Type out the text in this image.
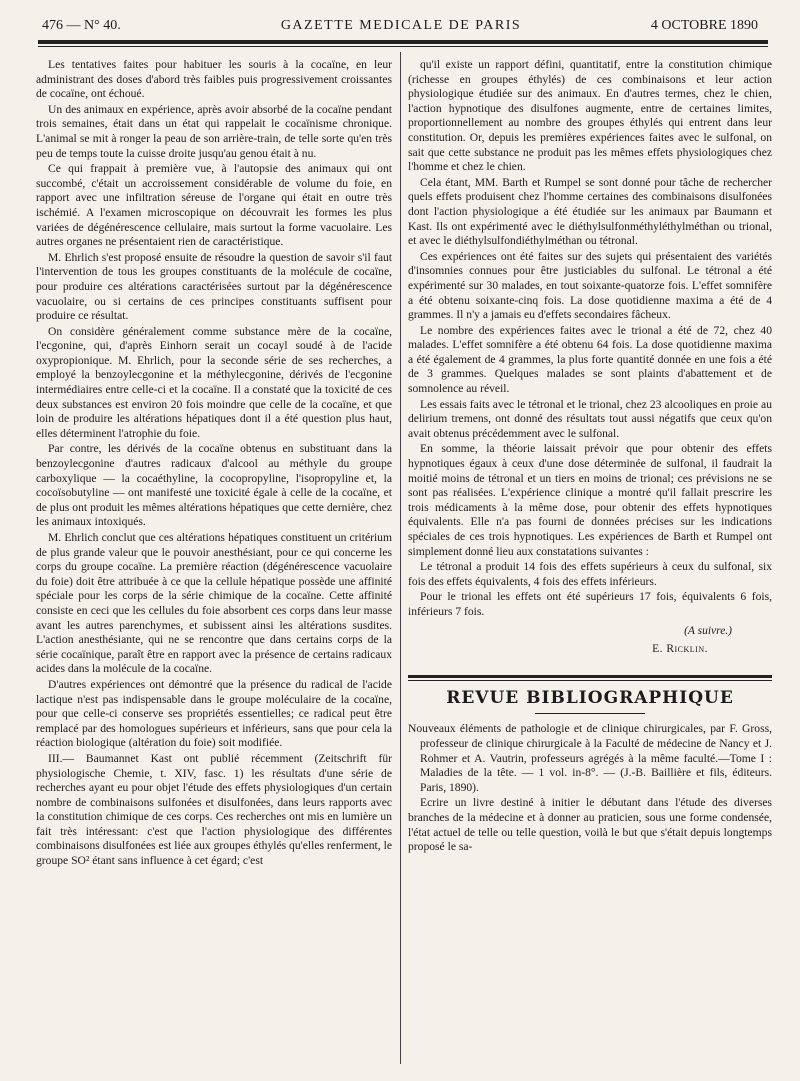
476 — N° 40.	GAZETTE MEDICALE DE PARIS	4 OCTOBRE 1890

Les tentatives faites pour habituer les souris à la cocaïne, en leur administrant des doses d'abord très faibles puis progressivement croissantes de cocaïne, ont échoué.

Un des animaux en expérience, après avoir absorbé de la cocaïne pendant trois semaines, était dans un état qui rappelait le cocaïnisme chronique. L'animal se mit à ronger la peau de son arrière-train, de telle sorte qu'en très peu de temps toute la cuisse droite jusqu'au genou était à nu.

Ce qui frappait à première vue, à l'autopsie des animaux qui ont succombé, c'était un accroissement considérable de volume du foie, en rapport avec une infiltration séreuse de l'organe qui était en outre très ischémié. A l'examen microscopique on découvrait les formes les plus variées de dégénérescence cellulaire, mais surtout la forme vacuolaire. Les autres organes ne présentaient rien de caractéristique.

M. Ehrlich s'est proposé ensuite de résoudre la question de savoir s'il faut l'intervention de tous les groupes constituants de la molécule de cocaïne, pour produire ces altérations caractérisées surtout par la dégénérescence vacuolaire, ou si certains de ces principes constituants suffisent pour produire ce résultat.

On considère généralement comme substance mère de la cocaïne, l'ecgonine, qui, d'après Einhorn serait un cocayl soudé à de l'acide oxypropionique. M. Ehrlich, pour la seconde série de ses recherches, a employé la benzoylecgonine et la méthylecgonine, dérivés de l'ecgonine intermédiaires entre celle-ci et la cocaïne. Il a constaté que la toxicité de ces deux substances est environ 20 fois moindre que celle de la cocaïne, et que loin de produire les altérations hépatiques dont il a été question plus haut, elles déterminent l'atrophie du foie.

Par contre, les dérivés de la cocaïne obtenus en substituant dans la benzoylecgonine d'autres radicaux d'alcool au méthyle du groupe carboxylique — la cocaéthyline, la cocopropyline, l'isopropyline et, la cocoïsobutyline — ont manifesté une toxicité égale à celle de la cocaïne, et de plus ont produit les mêmes altérations hépatiques que cette dernière, chez les animaux intoxiqués.

M. Ehrlich conclut que ces altérations hépatiques constituent un critérium de plus grande valeur que le pouvoir anesthésiant, pour ce qui concerne les corps du groupe cocaïne. La première réaction (dégénérescence vacuolaire du foie) doit être attribuée à ce que la cellule hépatique possède une affinité spéciale pour les corps de la série chimique de la cocaïne. Cette affinité consiste en ceci que les cellules du foie absorbent ces corps dans leur masse avant les autres parenchymes, et subissent ainsi les altérations susdites. L'action anesthésiante, qui ne se rencontre que dans certains corps de la série cocaïnique, paraît être en rapport avec la présence de certains radicaux acides dans la molécule de la cocaïne.

D'autres expériences ont démontré que la présence du radical de l'acide lactique n'est pas indispensable dans le groupe moléculaire de la cocaïne, pour que celle-ci conserve ses propriétés essentielles; ce radical peut être remplacé par des homologues supérieurs et inférieurs, sans que pour cela la réaction biologique (altération du foie) soit modifiée.

III.— Baumannet Kast ont publié récemment (Zeitschrift für physiologische Chemie, t. XIV, fasc. 1) les résultats d'une série de recherches ayant eu pour objet l'étude des effets physiologiques d'un certain nombre de combinaisons sulfonées et disulfonées, dans leurs rapports avec la constitution chimique de ces corps. Ces recherches ont mis en lumière un fait très intéressant: c'est que l'action physiologique des différentes combinaisons disulfonées est liée aux groupes éthylés qu'elles renferment, le groupe SO² étant sans influence à cet égard; c'est

qu'il existe un rapport défini, quantitatif, entre la constitution chimique (richesse en groupes éthylés) de ces combinaisons et leur action physiologique étudiée sur des animaux. En d'autres termes, chez le chien, l'action hypnotique des disulfones augmente, entre de certaines limites, proportionnellement au nombre des groupes éthylés qui entrent dans leur constitution. Or, depuis les premières expériences faites avec le sulfonal, on sait que cette substance ne produit pas les mêmes effets physiologiques chez l'homme et chez le chien.

Cela étant, MM. Barth et Rumpel se sont donné pour tâche de rechercher quels effets produisent chez l'homme certaines des combinaisons disulfonées dont l'action physiologique a été étudiée sur les animaux par Baumann et Kast. Ils ont expérimenté avec le diéthylsulfonméthyléthylméthan ou trional, et avec le diéthylsulfondiéthylméthan ou tétronal.

Ces expériences ont été faites sur des sujets qui présentaient des variétés d'insomnies connues pour être justiciables du sulfonal. Le tétronal a été expérimenté sur 30 malades, en tout soixante-quatorze fois. L'effet somnifère a été obtenu soixante-cinq fois. La dose quotidienne maxima a été de 4 grammes. Il n'y a jamais eu d'effets secondaires fâcheux.

Le nombre des expériences faites avec le trional a été de 72, chez 40 malades. L'effet somnifère a été obtenu 64 fois. La dose quotidienne maxima a été également de 4 grammes, la plus forte quantité donnée en une fois a été de 3 grammes. Quelques malades se sont plaints d'abattement et de somnolence au réveil.

Les essais faits avec le tétronal et le trional, chez 23 alcooliques en proie au delirium tremens, ont donné des résultats tout aussi négatifs que ceux qu'on avait obtenus précédemment avec le sulfonal.

En somme, la théorie laissait prévoir que pour obtenir des effets hypnotiques égaux à ceux d'une dose déterminée de sulfonal, il faudrait la moitié moins de tétronal et un tiers en moins de trional; ces prévisions ne se sont pas réalisées. L'expérience clinique a montré qu'il fallait prescrire les trois médicaments à la même dose, pour obtenir des effets hypnotiques équivalents. Elle n'a pas fourni de données précises sur les indications spéciales de ces trois hypnotiques. Les expériences de Barth et Rumpel ont simplement donné lieu aux constatations suivantes :

Le tétronal a produit 14 fois des effets supérieurs à ceux du sulfonal, six fois des effets équivalents, 4 fois des effets inférieurs.

Pour le trional les effets ont été supérieurs 17 fois, équivalents 6 fois, inférieurs 7 fois.

(A suivre.)
E. Ricklin.
REVUE BIBLIOGRAPHIQUE

Nouveaux éléments de pathologie et de clinique chirurgicales, par F. Gross, professeur de clinique chirurgicale à la Faculté de médecine de Nancy et J. Rohmer et A. Vautrin, professeurs agrégés à la même faculté.—Tome I : Maladies de la tête. — 1 vol. in-8°. — (J.-B. Baillière et fils, éditeurs. Paris, 1890).

Ecrire un livre destiné à initier le débutant dans l'étude des diverses branches de la médecine et à donner au praticien, sous une forme condensée, l'état actuel de telle ou telle question, voilà le but que s'était depuis longtemps proposé le sa-
